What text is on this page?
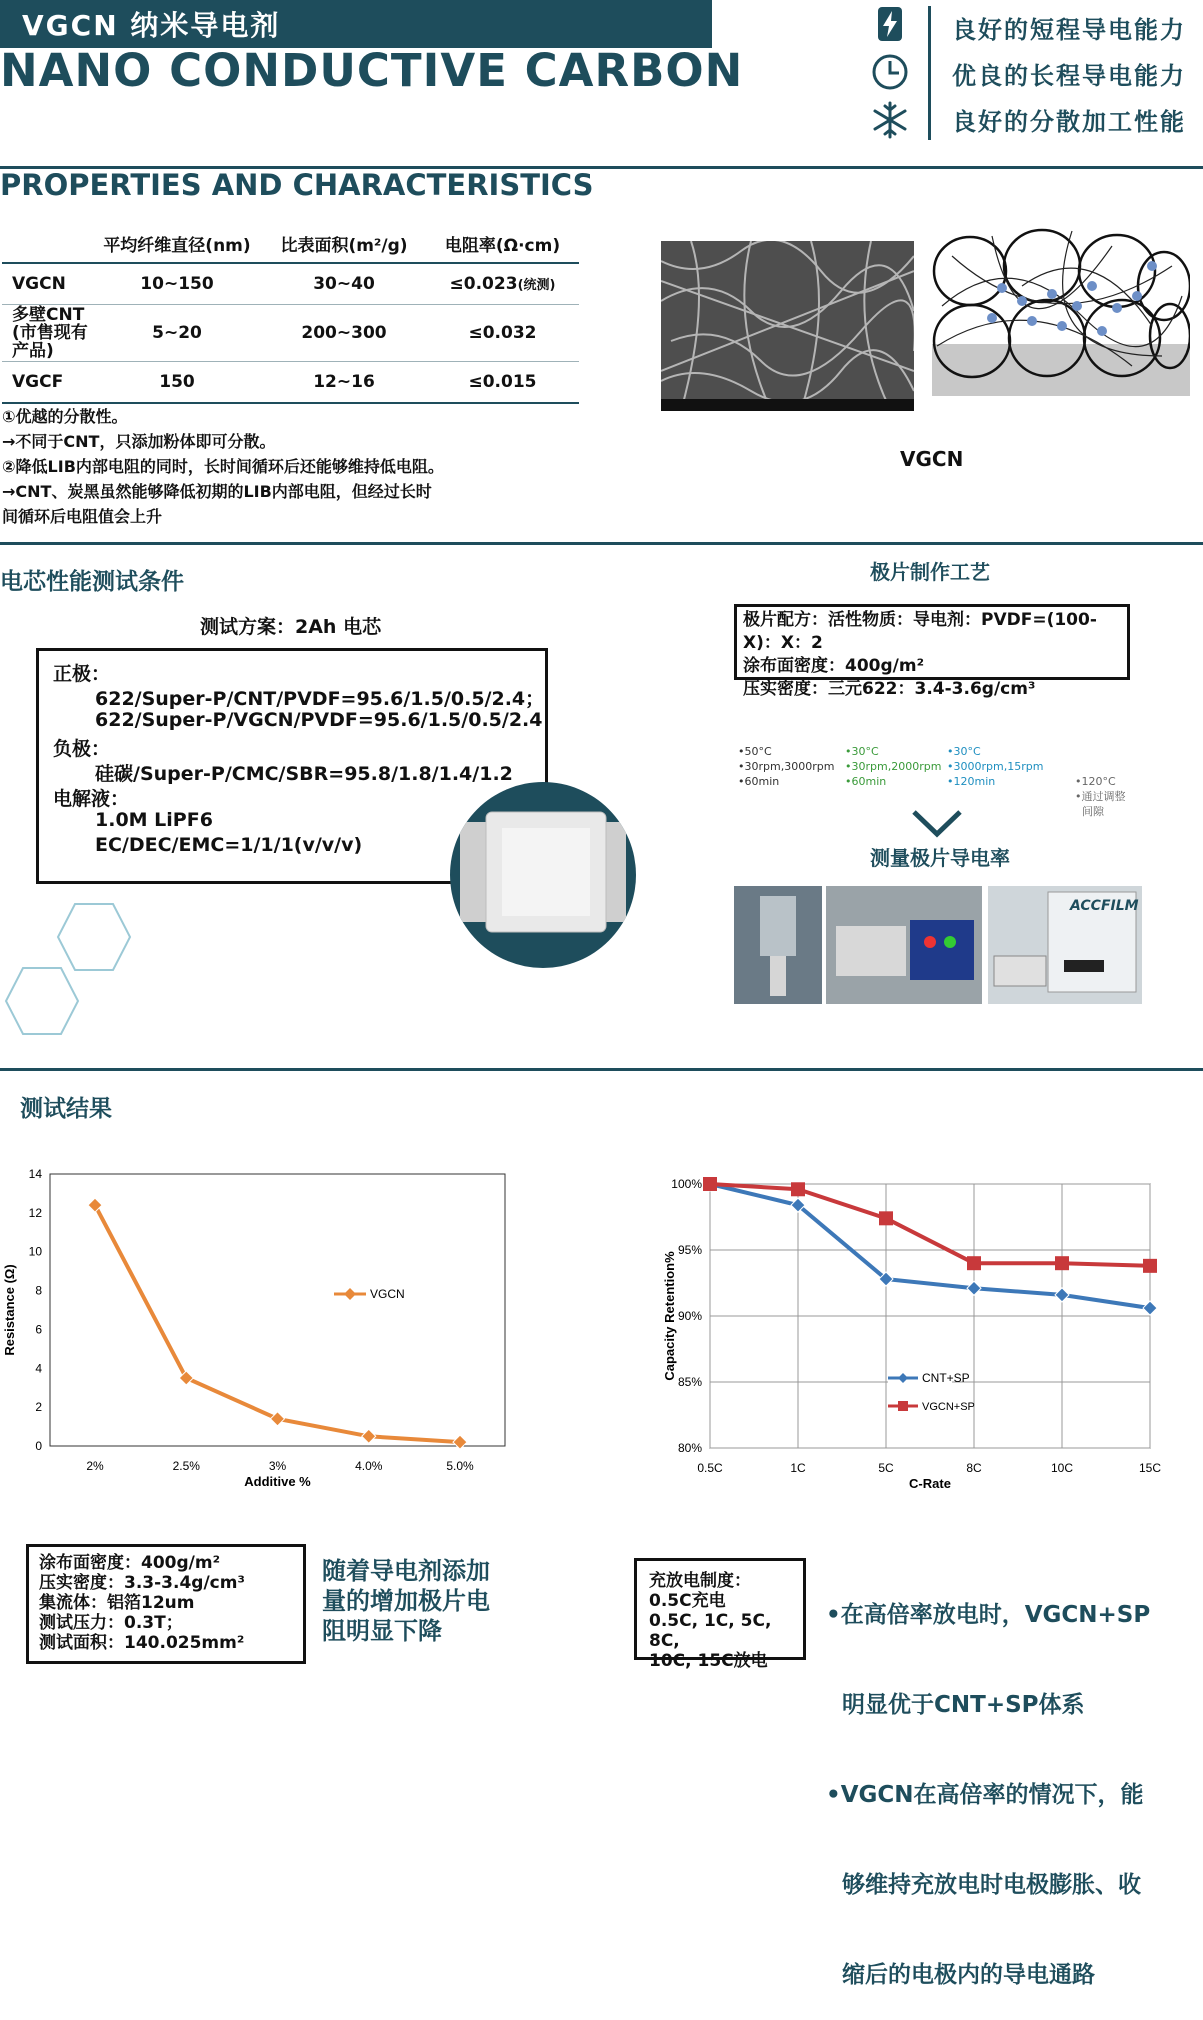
VGCN 纳米导电剂
NANO CONDUCTIVE CARBON
良好的短程导电能力
优良的长程导电能力
良好的分散加工性能
PROPERTIES AND CHARACTERISTICS
	平均纤维直径(nm)	比表面积(m²/g)	电阻率(Ω·cm)
VGCN	10~150	30~40	≤0.023(统测)

多壁CNT
(市售现有产品)	5~20	200~300	≤0.032
VGCF	150	12~16	≤0.015
①优越的分散性。
→不同于CNT，只添加粉体即可分散。
②降低LIB内部电阻的同时，长时间循环后还能够维持低电阻。
→CNT、炭黑虽然能够降低初期的LIB内部电阻，但经过长时
间循环后电阻值会上升
VGCN
电芯性能测试条件
测试方案：2Ah 电芯
正极：
622/Super-P/CNT/PVDF=95.6/1.5/0.5/2.4；
622/Super-P/VGCN/PVDF=95.6/1.5/0.5/2.4
负极：
硅碳/Super-P/CMC/SBR=95.8/1.8/1.4/1.2
电解液：
1.0M LiPF6
EC/DEC/EMC=1/1/1(v/v/v)
极片制作工艺
极片配方：活性物质：导电剂：PVDF=(100-X)：X：2
涂布面密度：400g/m²
压实密度：三元622：3.4-3.6g/cm³
NMP+PVDF 导电剂CCS	活性材料	辊 压
•50°C
•30rpm,3000rpm
•60min
•30°C
•30rpm,2000rpm
•60min
•30°C
•3000rpm,15rpm
•120min

	•120°C
•通过调整
间隙

测量极片导电率
ACCFILM
测试结果
0
2
4
6
8
10
12
14
2%	2.5%	3%	4.0%	5.0%
Additive %
Resistance (Ω)	VGCN
80%
85%
90%
95%
100%
0.5C	1C	5C	8C	10C	15C
C-Rate
Capacity Retention%	CNT+SP
VGCN+SP
涂布面密度：400g/m²
压实密度：3.3-3.4g/cm³
集流体：铝箔12um
测试压力：0.3T；
测试面积：140.025mm²
随着导电剂添加
量的增加极片电
阻明显下降
充放电制度：
0.5C充电
0.5C, 1C, 5C, 8C,
10C, 15C放电

•在高倍率放电时，VGCN+SP

明显优于CNT+SP体系

•VGCN在高倍率的情况下，能

够维持充放电时电极膨胀、收

缩后的电极内的导电通路
